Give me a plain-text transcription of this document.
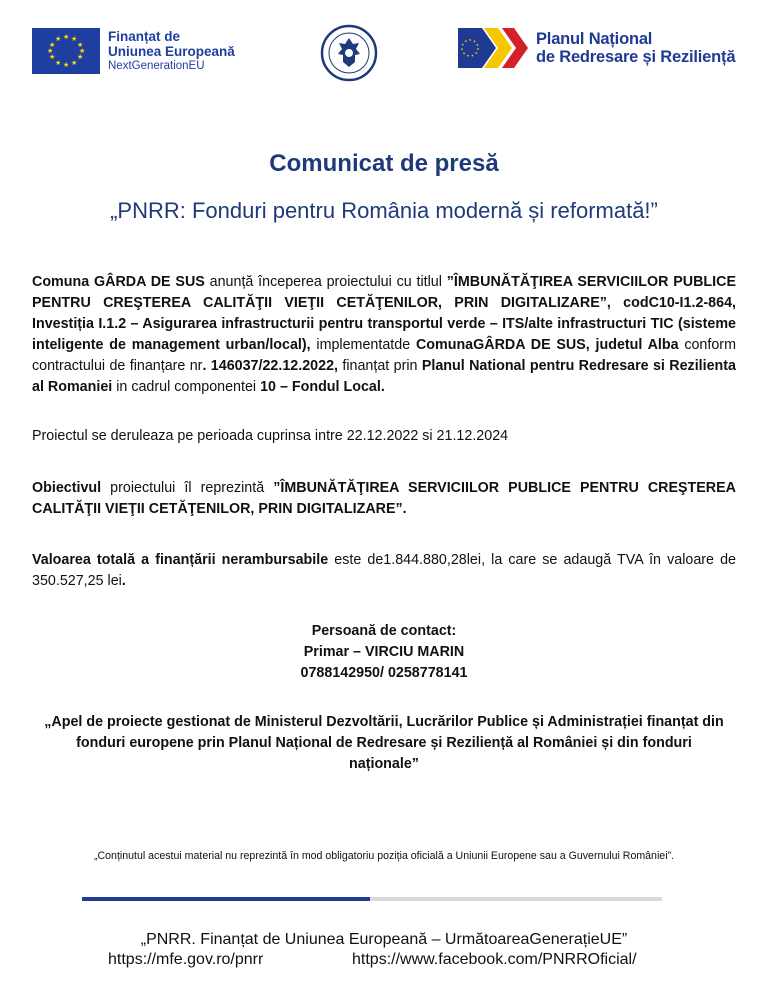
★ ★
★
★
★
★
★
★
★
★
★
★	Finanțat de
Uniunea Europeană
NextGenerationEU
Planul Național
de Redresare și Reziliență
Comunicat de presă
„PNRR: Fonduri pentru România modernă și reformată!”
Comuna GÂRDA DE SUS anunță începerea proiectului cu titlul ”ÎMBUNĂTĂŢIREA SERVICIILOR PUBLICE PENTRU CREŞTEREA CALITĂŢII VIEŢII CETĂŢENILOR, PRIN DIGITALIZARE”, codC10-I1.2-864, Investiția I.1.2 – Asigurarea infrastructurii pentru transportul verde – ITS/alte infrastructuri TIC (sisteme inteligente de management urban/local), implementatde ComunaGÂRDA DE SUS, judetul Alba conform contractului de finanțare nr. 146037/22.12.2022, finanțat prin Planul National pentru Redresare si Rezilienta al Romaniei in cadrul componentei 10 – Fondul Local.
Proiectul se deruleaza pe perioada cuprinsa intre 22.12.2022 si 21.12.2024
Obiectivul proiectului îl reprezintă ”ÎMBUNĂTĂŢIREA SERVICIILOR PUBLICE PENTRU CREŞTEREA CALITĂŢII VIEŢII CETĂŢENILOR, PRIN DIGITALIZARE”.
Valoarea totală a finanțării nerambursabile este de1.844.880,28lei, la care se adaugă TVA în valoare de 350.527,25 lei.
Persoană de contact:
Primar – VIRCIU MARIN
0788142950/ 0258778141
„Apel de proiecte gestionat de Ministerul Dezvoltării, Lucrărilor Publice și Administrației finanțat din fonduri europene prin Planul Național de Redresare și Reziliență al României și din fonduri naționale”
„Conținutul acestui material nu reprezintă în mod obligatoriu poziția oficială a Uniunii Europene sau a Guvernului României”.
„PNRR. Finanțat de Uniunea Europeană – UrmătoareaGenerațieUE”
https://mfe.gov.ro/pnrr	https://www.facebook.com/PNRROficial/
